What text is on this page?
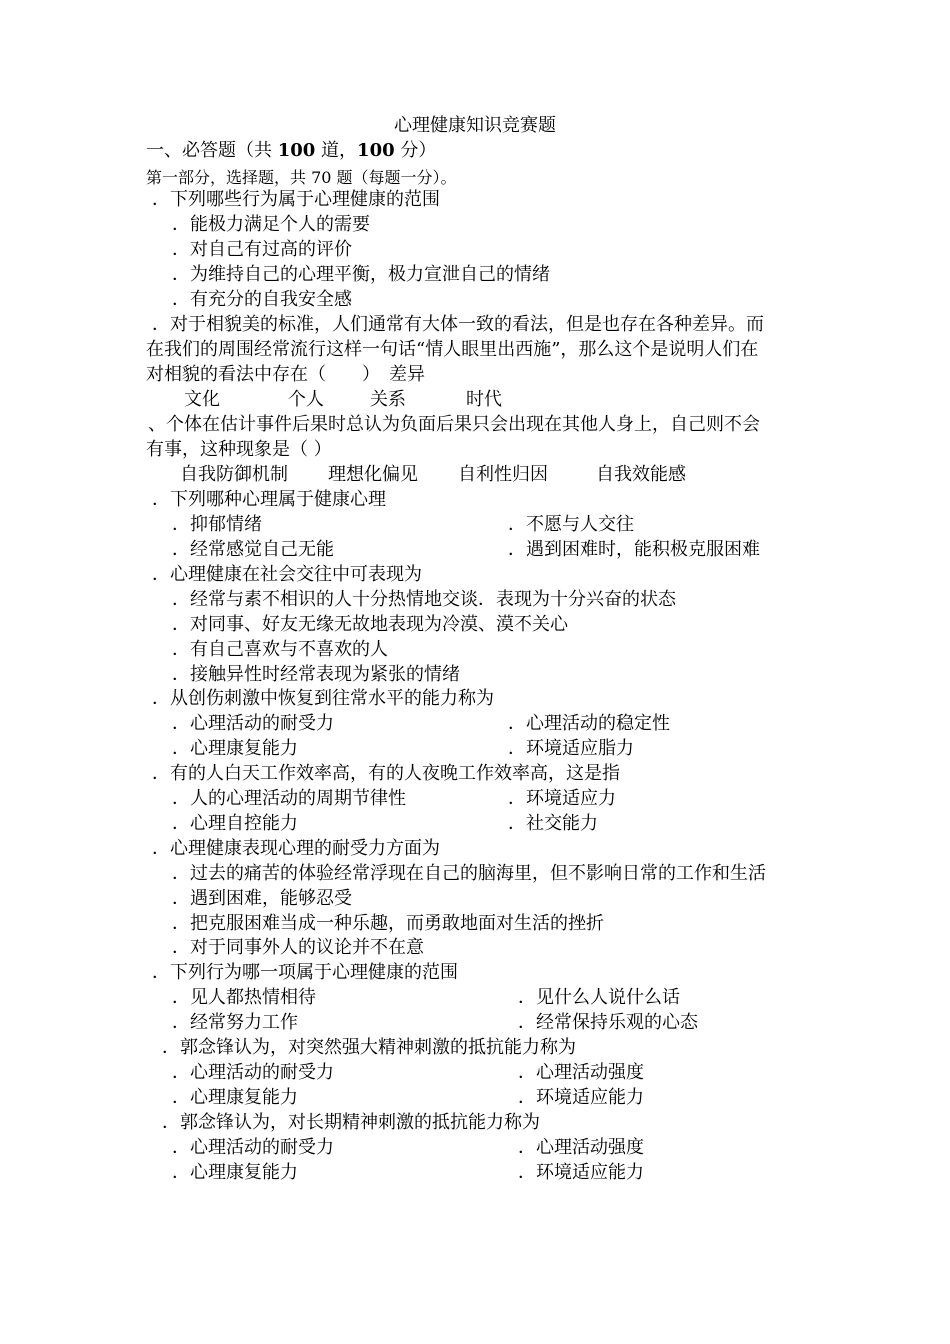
心理健康知识竞赛题
一、必答题（共 100 道，100 分）
第一部分，选择题，共 70 题（每题一分）。
．下列哪些行为属于心理健康的范围
．能极力满足个人的需要
．对自己有过高的评价
．为维持自己的心理平衡，极力宣泄自己的情绪
．有充分的自我安全感
．对于相貌美的标准，人们通常有大体一致的看法，但是也存在各种差异。而
在我们的周围经常流行这样一句话“情人眼里出西施”，那么这个是说明人们在
对相貌的看法中存在（　　）　差异
文化	个人	关系	时代
、个体在估计事件后果时总认为负面后果只会出现在其他人身上，自己则不会
有事，这种现象是（ ）
自我防御机制 理想化偏见 自利性归因	自我效能感
．下列哪种心理属于健康心理
．抑郁情绪	．不愿与人交往
．经常感觉自己无能	．遇到困难时，能积极克服困难
．心理健康在社会交往中可表现为
．经常与素不相识的人十分热情地交谈．表现为十分兴奋的状态
．对同事、好友无缘无故地表现为冷漠、漠不关心
．有自己喜欢与不喜欢的人
．接触异性时经常表现为紧张的情绪
．从创伤刺激中恢复到往常水平的能力称为
．心理活动的耐受力	．心理活动的稳定性
．心理康复能力	．环境适应脂力
．有的人白天工作效率高，有的人夜晚工作效率高，这是指
．人的心理活动的周期节律性	．环境适应力
．心理自控能力	．社交能力
．心理健康表现心理的耐受力方面为
．过去的痛苦的体验经常浮现在自己的脑海里，但不影响日常的工作和生活
．遇到困难，能够忍受
．把克服困难当成一种乐趣，而勇敢地面对生活的挫折
．对于同事外人的议论并不在意
．下列行为哪一项属于心理健康的范围
．见人都热情相待	．见什么人说什么话
．经常努力工作	．经常保持乐观的心态
．郭念锋认为，对突然强大精神刺激的抵抗能力称为
．心理活动的耐受力	．心理活动强度
．心理康复能力	．环境适应能力
．郭念锋认为，对长期精神刺激的抵抗能力称为
．心理活动的耐受力	．心理活动强度
．心理康复能力	．环境适应能力
